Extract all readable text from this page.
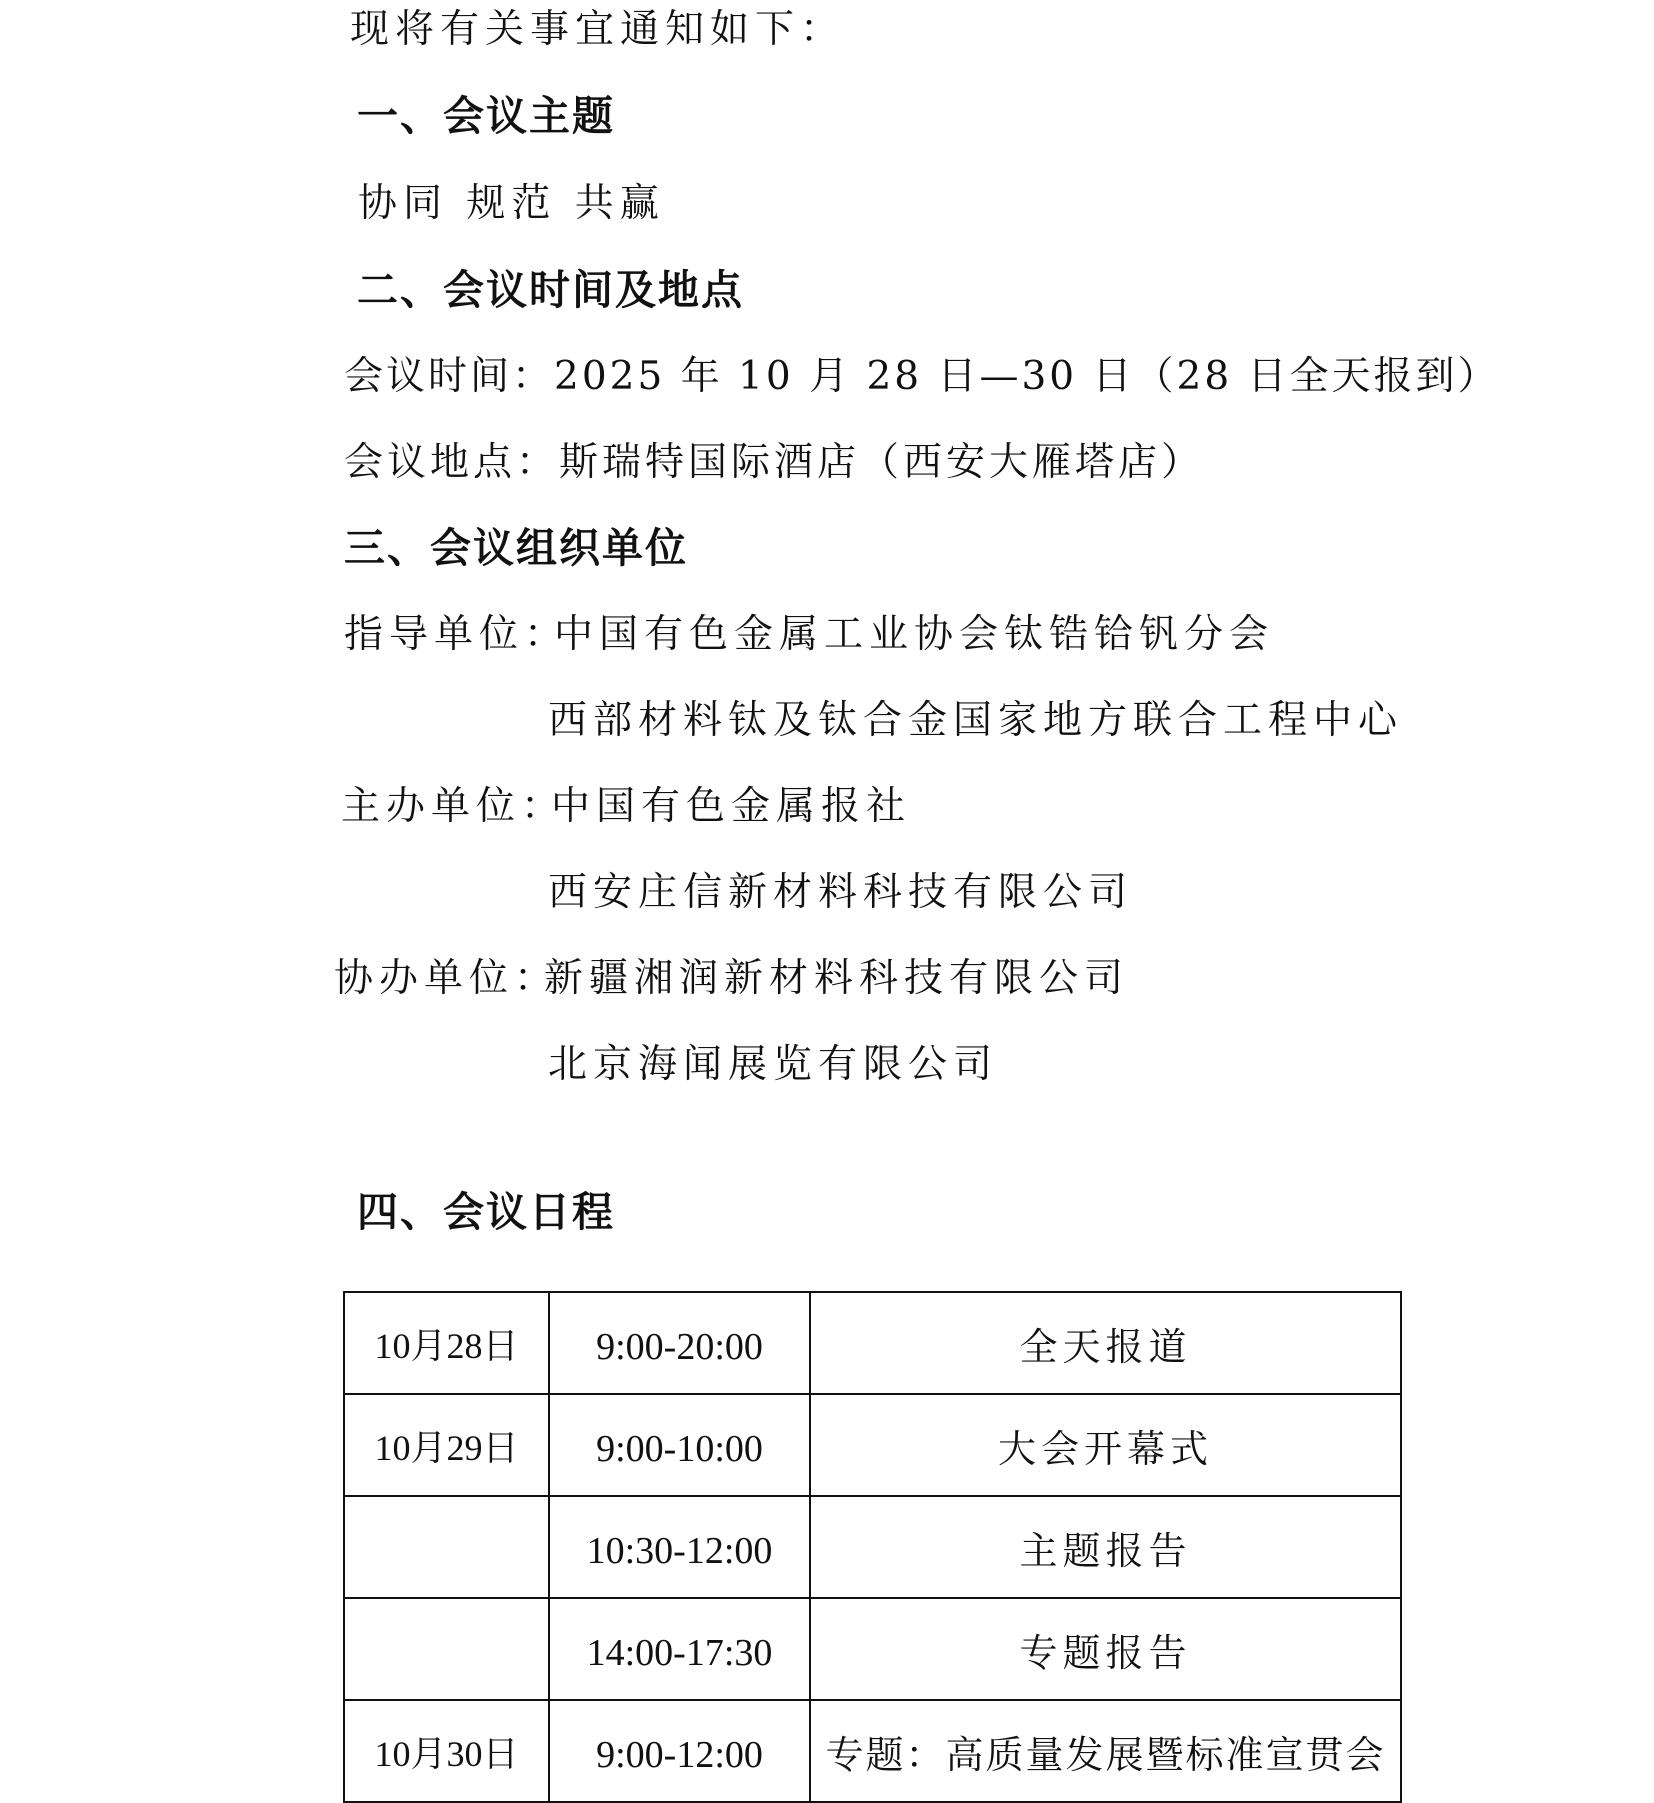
现将有关事宜通知如下：
一、会议主题
协同 规范 共赢
二、会议时间及地点
会议时间：2025 年 10 月 28 日—30 日（28 日全天报到）
会议地点：斯瑞特国际酒店（西安大雁塔店）
三、会议组织单位
指导单位：
中国有色金属工业协会钛锆铪钒分会
西部材料钛及钛合金国家地方联合工程中心
主办单位：
中国有色金属报社
西安庄信新材料科技有限公司
协办单位：
新疆湘润新材料科技有限公司
北京海闻展览有限公司
四、会议日程
10月28日	9:00-20:00	全天报道
10月29日	9:00-10:00	大会开幕式
	10:30-12:00	主题报告
	14:00-17:30	专题报告
10月30日	9:00-12:00	专题：高质量发展暨标准宣贯会
